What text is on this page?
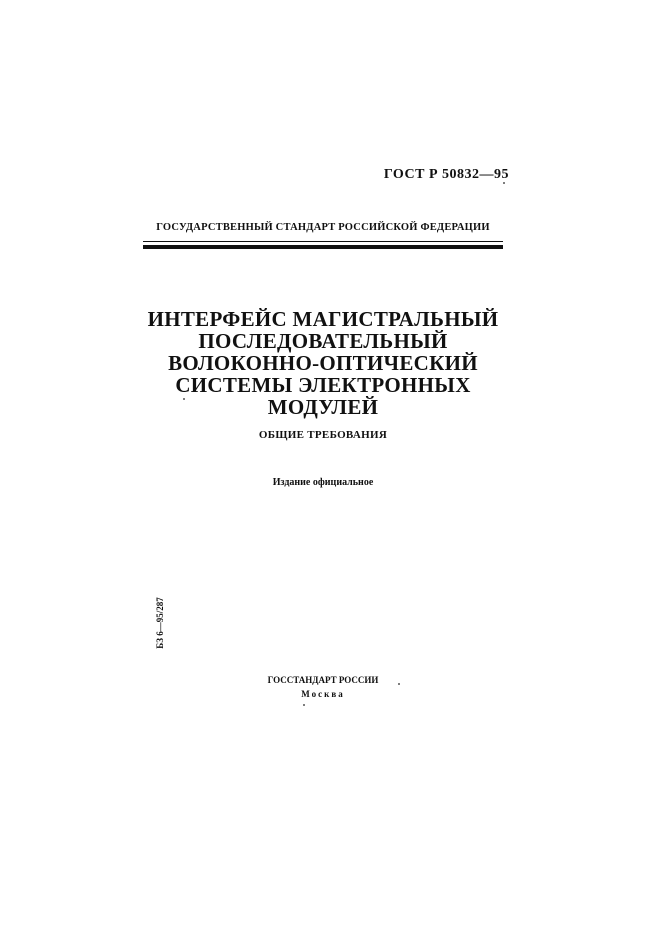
ГОСТ Р 50832—95
ГОСУДАРСТВЕННЫЙ СТАНДАРТ РОССИЙСКОЙ ФЕДЕРАЦИИ
ИНТЕРФЕЙС МАГИСТРАЛЬНЫЙ
ПОСЛЕДОВАТЕЛЬНЫЙ
ВОЛОКОННО-ОПТИЧЕСКИЙ
СИСТЕМЫ ЭЛЕКТРОННЫХ
МОДУЛЕЙ
ОБЩИЕ ТРЕБОВАНИЯ
Издание официальное
БЗ 6—95/287
ГОССТАНДАРТ РОССИИ
Москва
